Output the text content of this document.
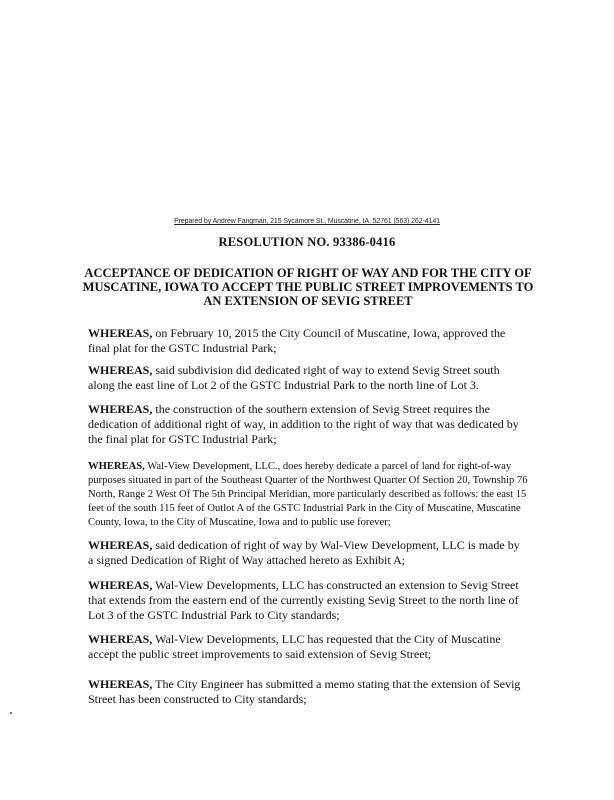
Prepared by Andrew Fangman, 215 Sycamore St., Muscatine, IA. 52761 (563) 262-4141
RESOLUTION NO. 93386-0416
ACCEPTANCE OF DEDICATION OF RIGHT OF WAY AND FOR THE CITY OF MUSCATINE, IOWA TO ACCEPT THE PUBLIC STREET IMPROVEMENTS TO AN EXTENSION OF SEVIG STREET

WHEREAS, on February 10, 2015 the City Council of Muscatine, Iowa, approved the final plat for the GSTC Industrial Park;

WHEREAS, said subdivision did dedicated right of way to extend Sevig Street south along the east line of Lot 2 of the GSTC Industrial Park to the north line of Lot 3.

WHEREAS, the construction of the southern extension of Sevig Street requires the dedication of additional right of way, in addition to the right of way that was dedicated by the final plat for GSTC Industrial Park;

WHEREAS, Wal-View Development, LLC., does hereby dedicate a parcel of land for right-of-way purposes situated in part of the Southeast Quarter of the Northwest Quarter Of Section 20, Township 76 North, Range 2 West Of The 5th Principal Meridian, more particularly described as follows: the east 15 feet of the south 115 feet of Outlot A of the GSTC Industrial Park in the City of Muscatine, Muscatine County, Iowa, to the City of Muscatine, Iowa and to public use forever;

WHEREAS, said dedication of right of way by Wal-View Development, LLC is made by a signed Dedication of Right of Way attached hereto as Exhibit A;

WHEREAS, Wal-View Developments, LLC has constructed an extension to Sevig Street that extends from the eastern end of the currently existing Sevig Street to the north line of Lot 3 of the GSTC Industrial Park to City standards;

WHEREAS, Wal-View Developments, LLC has requested that the City of Muscatine accept the public street improvements to said extension of Sevig Street;

WHEREAS, The City Engineer has submitted a memo stating that the extension of Sevig Street has been constructed to City standards;
